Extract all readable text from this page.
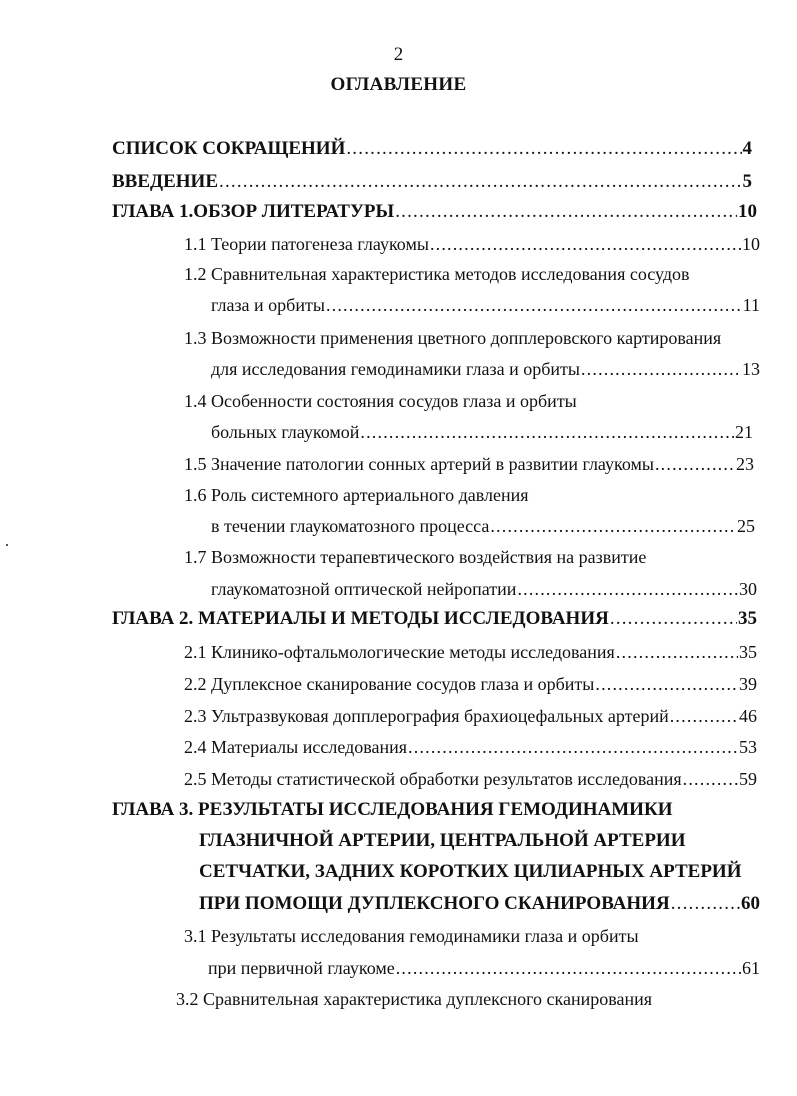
2
ОГЛАВЛЕНИЕ
СПИСОК СОКРАЩЕНИЙ .....	4
ВВЕДЕНИЕ .....	5
ГЛАВА 1.ОБЗОР ЛИТЕРАТУРЫ .....	10
1.1 Теории патогенеза глаукомы .....	10
1.2 Сравнительная характеристика методов исследования сосудов
глаза и орбиты .....	11
1.3 Возможности применения цветного допплеровского картирования
для исследования гемодинамики глаза и орбиты .....	13
1.4 Особенности состояния сосудов глаза и орбиты
больных глаукомой .....	21
1.5 Значение патологии сонных артерий в развитии глаукомы .....	23
1.6 Роль системного артериального давления
в течении глаукоматозного процесса .....	25
1.7 Возможности терапевтического воздействия на развитие
глаукоматозной оптической нейропатии .....	30
ГЛАВА 2. МАТЕРИАЛЫ И МЕТОДЫ ИССЛЕДОВАНИЯ .....	35
2.1 Клинико-офтальмологические методы исследования .....	35
2.2 Дуплексное сканирование сосудов глаза и орбиты .....	39
2.3 Ультразвуковая допплерография брахиоцефальных артерий .....	46
2.4 Материалы исследования .....	53
2.5 Методы статистической обработки результатов исследования .....	59
ГЛАВА 3. РЕЗУЛЬТАТЫ ИССЛЕДОВАНИЯ ГЕМОДИНАМИКИ
ГЛАЗНИЧНОЙ АРТЕРИИ, ЦЕНТРАЛЬНОЙ АРТЕРИИ
СЕТЧАТКИ, ЗАДНИХ КОРОТКИХ ЦИЛИАРНЫХ АРТЕРИЙ
ПРИ ПОМОЩИ ДУПЛЕКСНОГО СКАНИРОВАНИЯ .....	60
3.1 Результаты исследования гемодинамики глаза и орбиты
при первичной глаукоме .....	61
3.2 Сравнительная характеристика дуплексного сканирования
